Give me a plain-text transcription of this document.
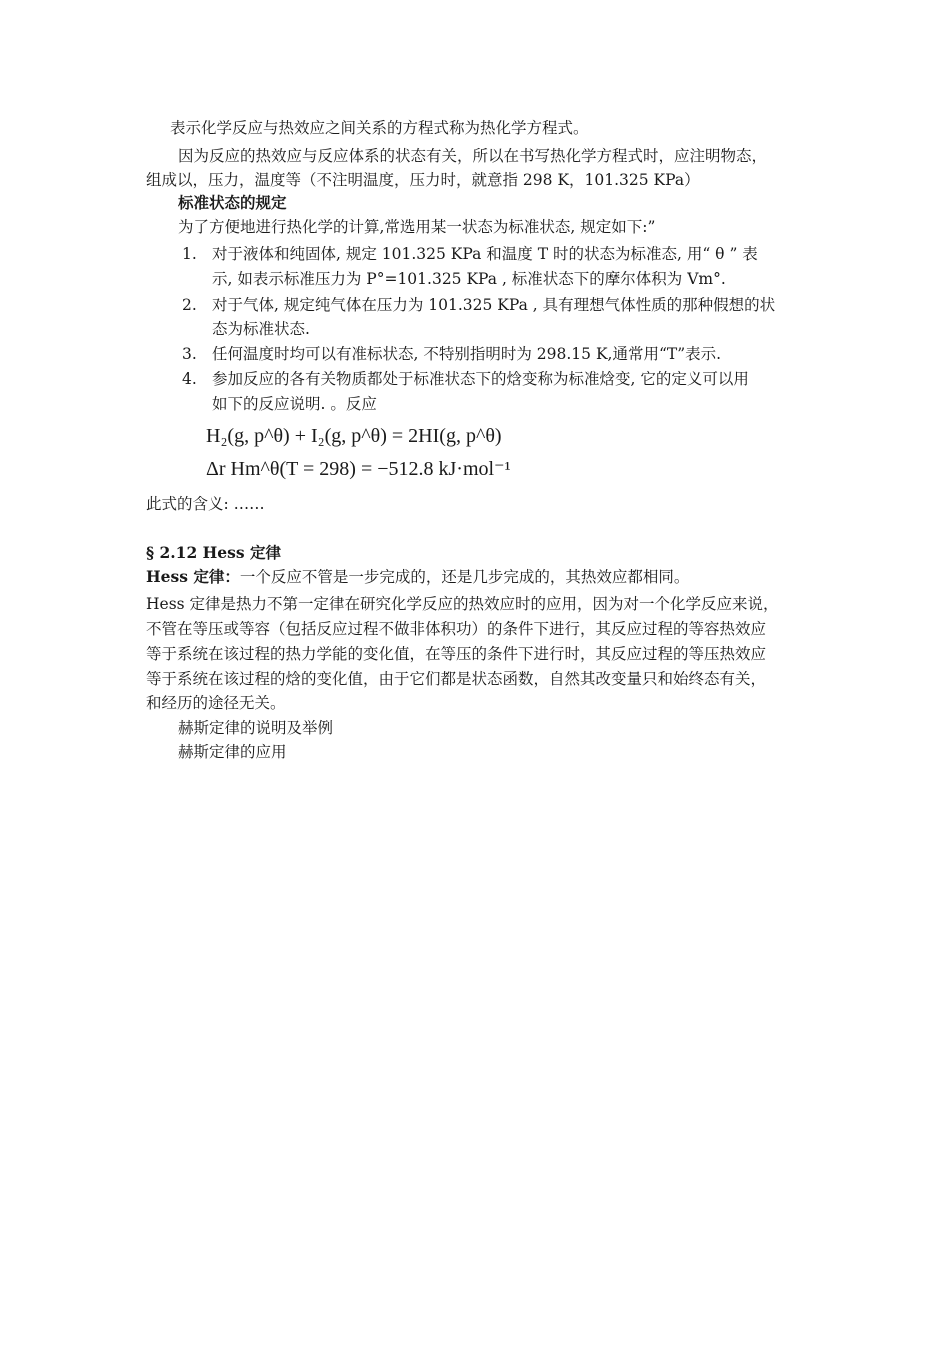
表示化学反应与热效应之间关系的方程式称为热化学方程式。
因为反应的热效应与反应体系的状态有关，所以在书写热化学方程式时，应注明物态，
组成以，压力，温度等（不注明温度，压力时，就意指 298 K，101.325 KPa）
标准状态的规定
为了方便地进行热化学的计算,常选用某一状态为标准状态, 规定如下:”
1. 对于液体和纯固体, 规定 101.325 KPa 和温度 T 时的状态为标准态, 用“ θ ” 表
示, 如表示标准压力为 P°=101.325 KPa , 标准状态下的摩尔体积为 Vm°.
2. 对于气体, 规定纯气体在压力为 101.325 KPa , 具有理想气体性质的那种假想的状
态为标准状态.
3. 任何温度时均可以有准标状态, 不特别指明时为 298.15 K,通常用“T”表示.
4. 参加反应的各有关物质都处于标准状态下的焓变称为标准焓变, 它的定义可以用
如下的反应说明. 。反应
H₂(g, p^θ) + I₂(g, p^θ) = 2HI(g, p^θ)
Δr Hm^θ(T = 298) = −512.8 kJ·mol⁻¹
此式的含义: ……
§ 2.12 Hess 定律
Hess 定律：一个反应不管是一步完成的，还是几步完成的，其热效应都相同。
Hess 定律是热力不第一定律在研究化学反应的热效应时的应用，因为对一个化学反应来说，
不管在等压或等容（包括反应过程不做非体积功）的条件下进行，其反应过程的等容热效应
等于系统在该过程的热力学能的变化值，在等压的条件下进行时，其反应过程的等压热效应
等于系统在该过程的焓的变化值，由于它们都是状态函数，自然其改变量只和始终态有关，
和经历的途径无关。
赫斯定律的说明及举例
赫斯定律的应用
